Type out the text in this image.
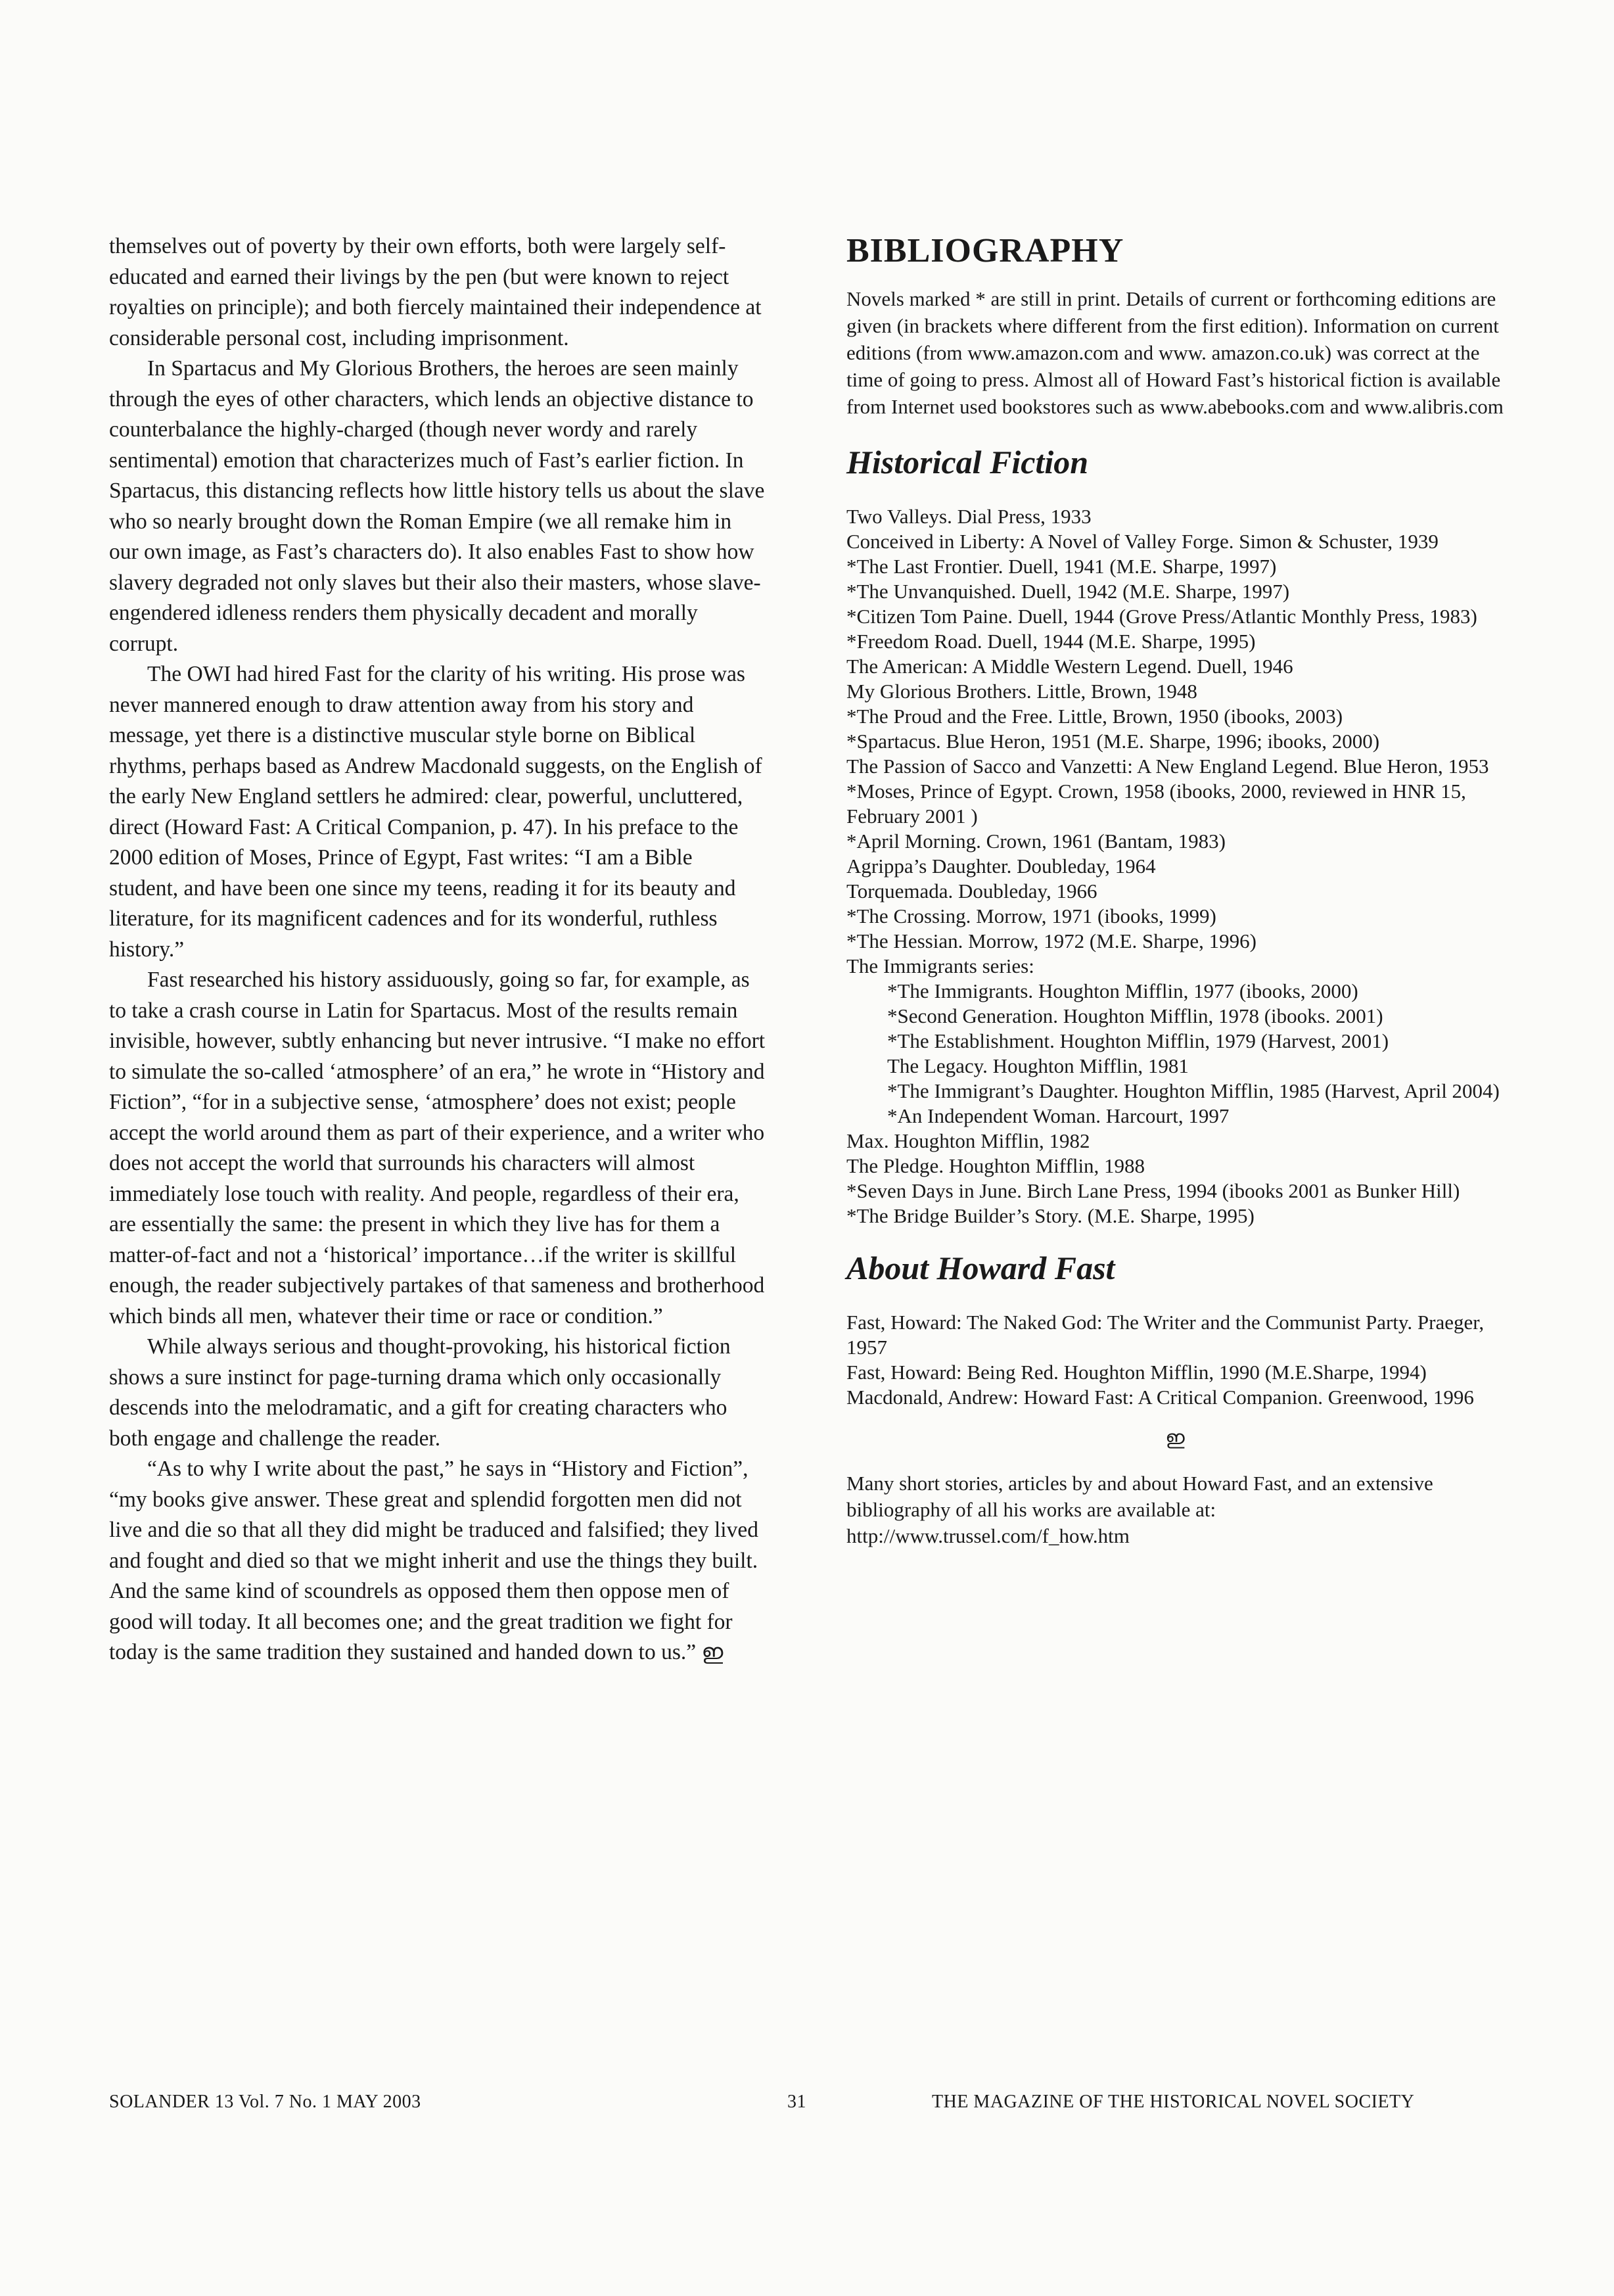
themselves out of poverty by their own efforts, both were largely self-educated and earned their livings by the pen (but were known to reject royalties on principle); and both fiercely maintained their independence at considerable personal cost, including imprisonment.

In Spartacus and My Glorious Brothers, the heroes are seen mainly through the eyes of other characters, which lends an objective distance to counterbalance the highly-charged (though never wordy and rarely sentimental) emotion that characterizes much of Fast’s earlier fiction. In Spartacus, this distancing reflects how little history tells us about the slave who so nearly brought down the Roman Empire (we all remake him in our own image, as Fast’s characters do). It also enables Fast to show how slavery degraded not only slaves but their also their masters, whose slave-engendered idleness renders them physically decadent and morally corrupt.

The OWI had hired Fast for the clarity of his writing. His prose was never mannered enough to draw attention away from his story and message, yet there is a distinctive muscular style borne on Biblical rhythms, perhaps based as Andrew Macdonald suggests, on the English of the early New England settlers he admired: clear, powerful, uncluttered, direct (Howard Fast: A Critical Companion, p. 47). In his preface to the 2000 edition of Moses, Prince of Egypt, Fast writes: “I am a Bible student, and have been one since my teens, reading it for its beauty and literature, for its magnificent cadences and for its wonderful, ruthless history.”

Fast researched his history assiduously, going so far, for example, as to take a crash course in Latin for Spartacus. Most of the results remain invisible, however, subtly enhancing but never intrusive. “I make no effort to simulate the so-called ‘atmosphere’ of an era,” he wrote in “History and Fiction”, “for in a subjective sense, ‘atmosphere’ does not exist; people accept the world around them as part of their experience, and a writer who does not accept the world that surrounds his characters will almost immediately lose touch with reality. And people, regardless of their era, are essentially the same: the present in which they live has for them a matter-of-fact and not a ‘historical’ importance…if the writer is skillful enough, the reader subjectively partakes of that sameness and brotherhood which binds all men, whatever their time or race or condition.”

While always serious and thought-provoking, his historical fiction shows a sure instinct for page-turning drama which only occasionally descends into the melodramatic, and a gift for creating characters who both engage and challenge the reader.

“As to why I write about the past,” he says in “History and Fiction”, “my books give answer. These great and splendid forgotten men did not live and die so that all they did might be traduced and falsified; they lived and fought and died so that we might inherit and use the things they built. And the same kind of scoundrels as opposed them then oppose men of good will today. It all becomes one; and the great tradition we fight for today is the same tradition they sustained and handed down to us.” ഇ

BIBLIOGRAPHY

Novels marked * are still in print. Details of current or forthcoming editions are given (in brackets where different from the first edition). Information on current editions (from www.amazon.com and www. amazon.co.uk) was correct at the time of going to press. Almost all of Howard Fast’s historical fiction is available from Internet used bookstores such as www.abebooks.com and www.alibris.com

Historical Fiction

Two Valleys. Dial Press, 1933

Conceived in Liberty: A Novel of Valley Forge. Simon & Schuster, 1939

*The Last Frontier. Duell, 1941 (M.E. Sharpe, 1997)

*The Unvanquished. Duell, 1942 (M.E. Sharpe, 1997)

*Citizen Tom Paine. Duell, 1944 (Grove Press/Atlantic Monthly Press, 1983)

*Freedom Road. Duell, 1944 (M.E. Sharpe, 1995)

The American: A Middle Western Legend. Duell, 1946

My Glorious Brothers. Little, Brown, 1948

*The Proud and the Free. Little, Brown, 1950 (ibooks, 2003)

*Spartacus. Blue Heron, 1951 (M.E. Sharpe, 1996; ibooks, 2000)

The Passion of Sacco and Vanzetti: A New England Legend. Blue Heron, 1953

*Moses, Prince of Egypt. Crown, 1958 (ibooks, 2000, reviewed in HNR 15, February 2001 )

*April Morning. Crown, 1961 (Bantam, 1983)

Agrippa’s Daughter. Doubleday, 1964

Torquemada. Doubleday, 1966

*The Crossing. Morrow, 1971 (ibooks, 1999)

*The Hessian. Morrow, 1972 (M.E. Sharpe, 1996)

The Immigrants series:

*The Immigrants. Houghton Mifflin, 1977 (ibooks, 2000)

*Second Generation. Houghton Mifflin, 1978 (ibooks. 2001)

*The Establishment. Houghton Mifflin, 1979 (Harvest, 2001)

The Legacy. Houghton Mifflin, 1981

*The Immigrant’s Daughter. Houghton Mifflin, 1985 (Harvest, April 2004)

*An Independent Woman. Harcourt, 1997

Max. Houghton Mifflin, 1982

The Pledge. Houghton Mifflin, 1988

*Seven Days in June. Birch Lane Press, 1994 (ibooks 2001 as Bunker Hill)

*The Bridge Builder’s Story. (M.E. Sharpe, 1995)

About Howard Fast

Fast, Howard: The Naked God: The Writer and the Communist Party. Praeger, 1957

Fast, Howard: Being Red. Houghton Mifflin, 1990 (M.E.Sharpe, 1994)

Macdonald, Andrew: Howard Fast: A Critical Companion. Greenwood, 1996

ഇ

Many short stories, articles by and about Howard Fast, and an extensive bibliography of all his works are available at: http://www.trussel.com/f_how.htm

SOLANDER 13 Vol. 7 No. 1 MAY 2003	31	THE MAGAZINE OF THE HISTORICAL NOVEL SOCIETY
